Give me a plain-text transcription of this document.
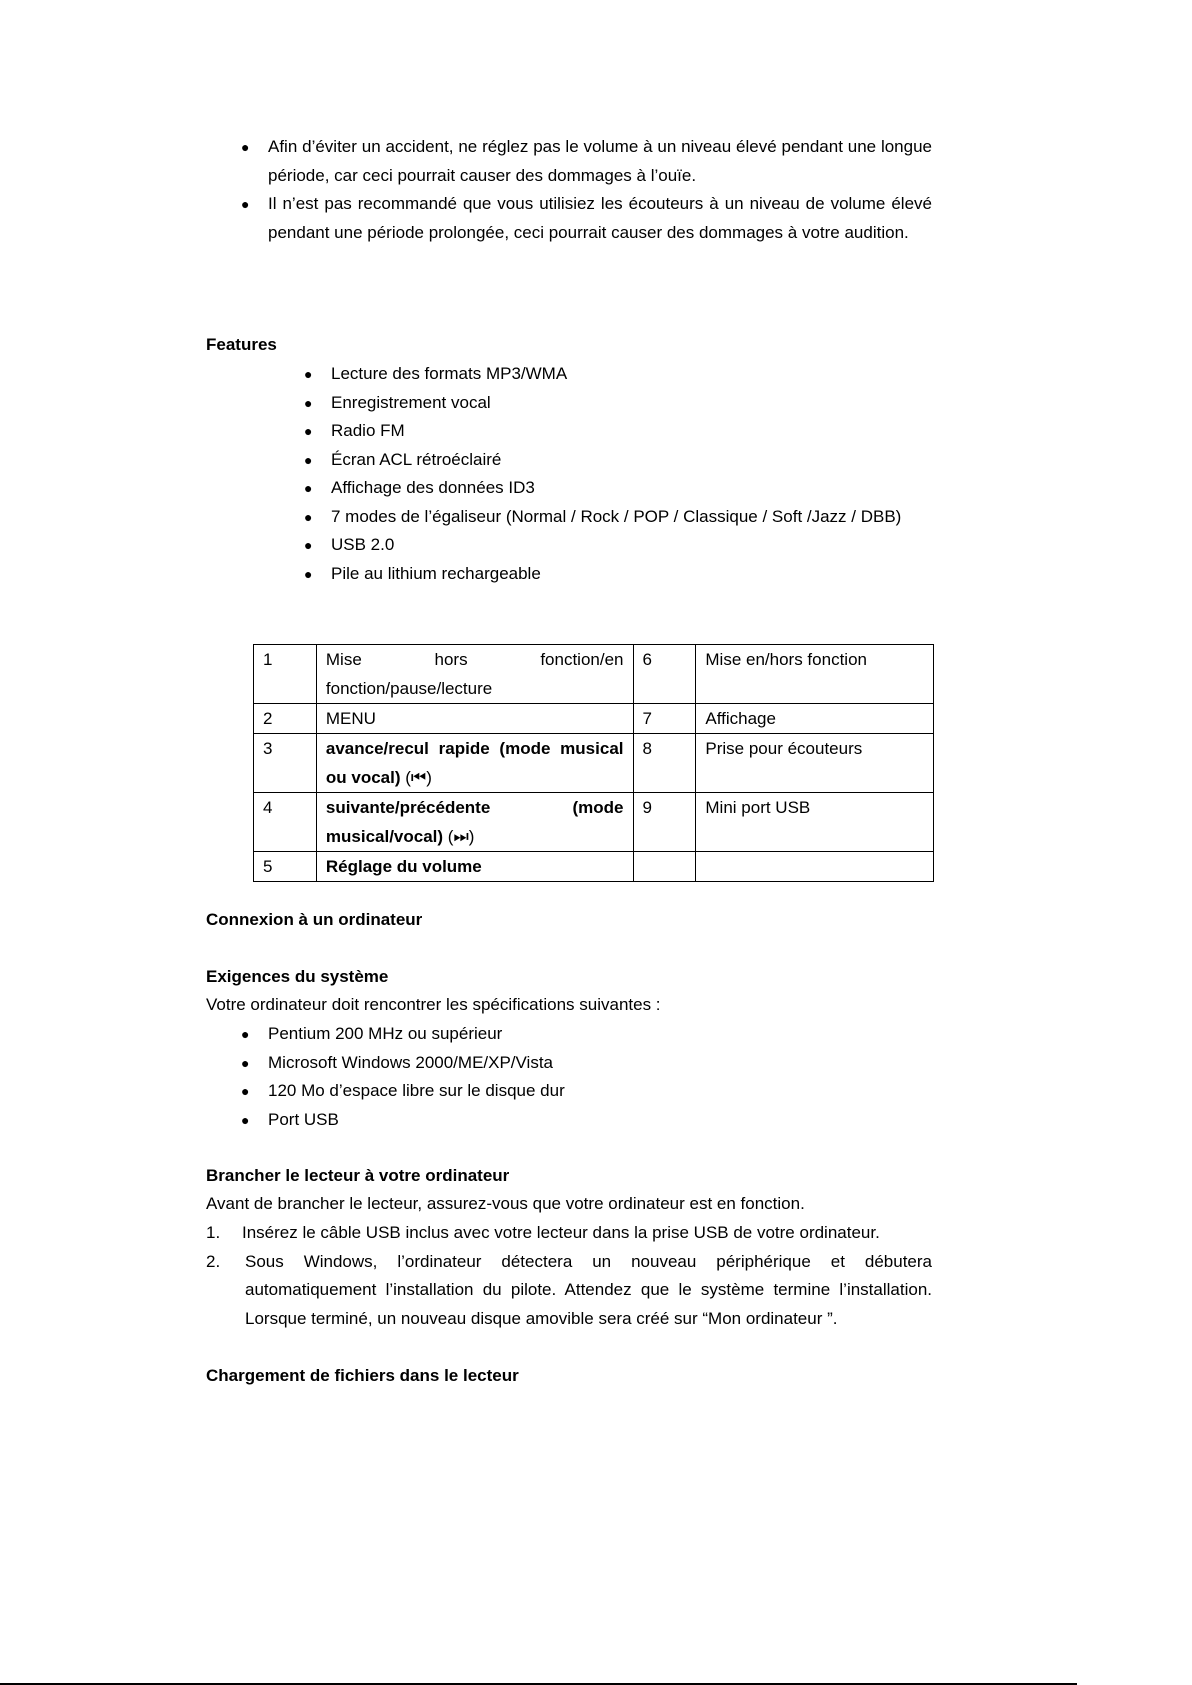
● Afin d’éviter un accident, ne réglez pas le volume à un niveau élevé pendant une longue période, car ceci pourrait causer des dommages à l’ouïe.
● Il n’est pas recommandé que vous utilisiez les écouteurs à un niveau de volume élevé pendant une période prolongée, ceci pourrait causer des dommages à votre audition.
Features
● Lecture des formats MP3/WMA
● Enregistrement vocal
● Radio FM
● Écran ACL rétroéclairé
● Affichage des données ID3
● 7 modes de l’égaliseur (Normal / Rock / POP / Classique / Soft /Jazz / DBB)
● USB 2.0
● Pile au lithium rechargeable
1	Mise hors fonction/en fonction/pause/lecture	6	Mise en/hors fonction
2	MENU	7	Affichage
3	avance/recul rapide (mode musical ou vocal) (⏮)	8	Prise pour écouteurs
4	suivante/précédente (mode musical/vocal) (⏭)	9	Mini port USB
5	Réglage du volume		
Connexion à un ordinateur
Exigences du système
Votre ordinateur doit rencontrer les spécifications suivantes :
● Pentium 200 MHz ou supérieur
● Microsoft Windows 2000/ME/XP/Vista
● 120 Mo d’espace libre sur le disque dur
● Port USB
Brancher le lecteur à votre ordinateur
Avant de brancher le lecteur, assurez-vous que votre ordinateur est en fonction.
1. Insérez le câble USB inclus avec votre lecteur dans la prise USB de votre ordinateur.
2. Sous Windows, l’ordinateur détectera un nouveau périphérique et débutera automatiquement l’installation du pilote. Attendez que le système termine l’installation. Lorsque terminé, un nouveau disque amovible sera créé sur “Mon ordinateur ”.
Chargement de fichiers dans le lecteur
